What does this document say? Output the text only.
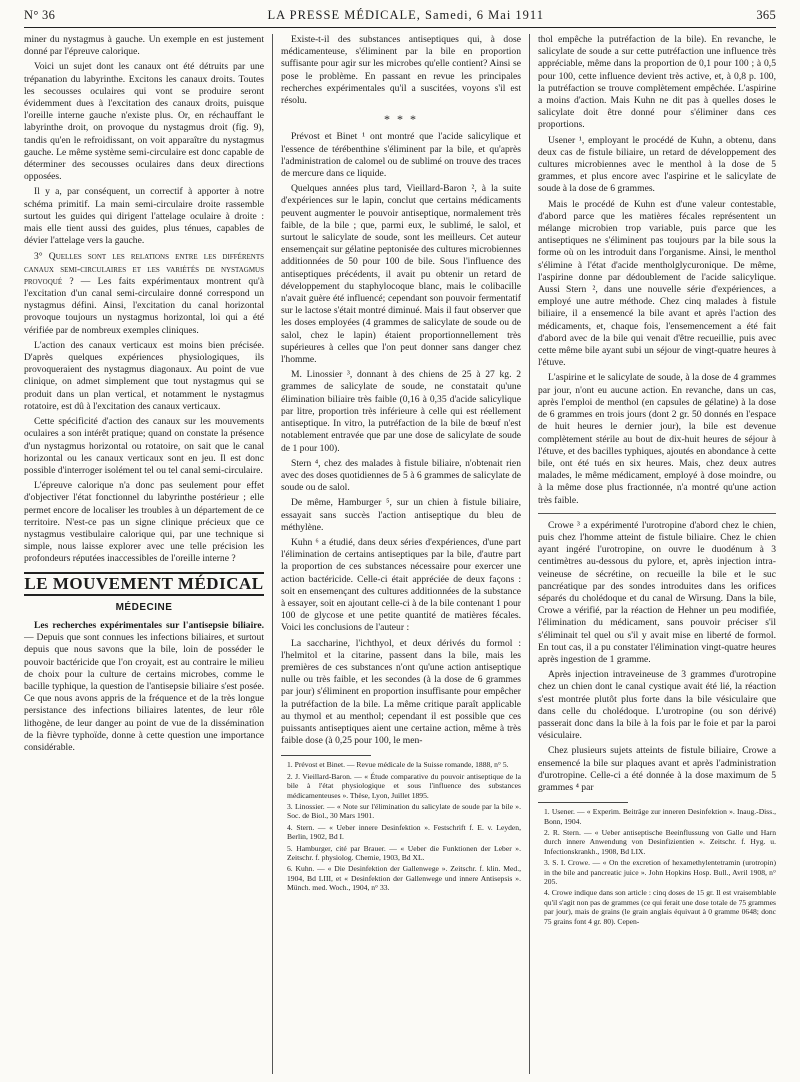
N° 36	LA PRESSE MÉDICALE, Samedi, 6 Mai 1911	365

miner du nystagmus à gauche. Un exemple en est justement donné par l'épreuve calorique.

Voici un sujet dont les canaux ont été détruits par une trépanation du labyrinthe. Excitons les canaux droits. Toutes les secousses oculaires qui vont se produire seront évidemment dues à l'excitation des canaux droits, puisque l'oreille interne gauche n'existe plus. Or, en réchauffant le labyrinthe droit, on provoque du nystagmus droit (fig. 9), tandis qu'en le refroidissant, on voit apparaître du nystagmus gauche. Le même système semi-circulaire est donc capable de déterminer des secousses oculaires dans deux directions opposées.

Il y a, par conséquent, un correctif à apporter à notre schéma primitif. La main semi-circulaire droite rassemble surtout les guides qui dirigent l'attelage oculaire à droite : mais elle tient aussi des guides, plus ténues, capables de dévier l'attelage vers la gauche.

3° Quelles sont les relations entre les différents canaux semi-circulaires et les variétés de nystagmus provoqué ? — Les faits expérimentaux montrent qu'à l'excitation d'un canal semi-circulaire donné correspond un nystagmus défini. Ainsi, l'excitation du canal horizontal provoque toujours un nystagmus horizontal, loi qui a été vérifiée par de nombreux exemples cliniques.

L'action des canaux verticaux est moins bien précisée. D'après quelques expériences physiologiques, ils provoqueraient des nystagmus diagonaux. Au point de vue clinique, on admet simplement que tout nystagmus qui se produit dans un plan vertical, et notamment le nystagmus rotatoire, est dû à l'excitation des canaux verticaux.

Cette spécificité d'action des canaux sur les mouvements oculaires a son intérêt pratique; quand on constate la présence d'un nystagmus horizontal ou rotatoire, on sait que le canal horizontal ou les canaux verticaux sont en jeu. Il est donc possible d'interroger isolément tel ou tel canal semi-circulaire.

L'épreuve calorique n'a donc pas seulement pour effet d'objectiver l'état fonctionnel du labyrinthe postérieur ; elle permet encore de localiser les troubles à un département de ce territoire. N'est-ce pas un signe clinique précieux que ce nystagmus vestibulaire calorique qui, par une technique si simple, nous laisse explorer avec une telle précision les profondeurs réputées inaccessibles de l'oreille interne ?

LE MOUVEMENT MÉDICAL
MÉDECINE

Les recherches expérimentales sur l'antisepsie biliaire. — Depuis que sont connues les infections biliaires, et surtout depuis que nous savons que la bile, loin de posséder le pouvoir bactéricide que l'on croyait, est au contraire le milieu de choix pour la culture de certains microbes, comme le bacille typhique, la question de l'antisepsie biliaire s'est posée. Ce que nous avons appris de la fréquence et de la très longue persistance des infections biliaires latentes, de leur rôle lithogène, de leur danger au point de vue de la dissémination de la fièvre typhoïde, donne à cette question une importance considérable.

Existe-t-il des substances antiseptiques qui, à dose médicamenteuse, s'éliminent par la bile en proportion suffisante pour agir sur les microbes qu'elle contient? Ainsi se pose le problème. En passant en revue les principales recherches expérimentales qu'il a suscitées, voyons s'il est résolu.

* * *

Prévost et Binet ¹ ont montré que l'acide salicylique et l'essence de térébenthine s'éliminent par la bile, et qu'après l'administration de calomel ou de sublimé on trouve des traces de mercure dans ce liquide.

Quelques années plus tard, Vieillard-Baron ², à la suite d'expériences sur le lapin, conclut que certains médicaments peuvent augmenter le pouvoir antiseptique, normalement très faible, de la bile ; que, parmi eux, le sublimé, le salol, et surtout le salicylate de soude, sont les meilleurs. Cet auteur ensemençait sur gélatine peptonisée des cultures microbiennes additionnées de 50 pour 100 de bile. Sous l'influence des antiseptiques précédents, il avait pu obtenir un retard de développement du staphylocoque blanc, mais le colibacille n'avait guère été influencé; cependant son pouvoir fermentatif sur le lactose s'était montré diminué. Mais il faut observer que les doses employées (4 grammes de salicylate de soude ou de salol, chez le lapin) étaient proportionnellement très supérieures à celles que l'on peut donner sans danger chez l'homme.

M. Linossier ³, donnant à des chiens de 25 à 27 kg. 2 grammes de salicylate de soude, ne constatait qu'une élimination biliaire très faible (0,16 à 0,35 d'acide salicylique par litre, proportion très inférieure à celle qui est réellement antiseptique. In vitro, la putréfaction de la bile de bœuf n'est notablement entravée que par une dose de salicylate de soude de 1 pour 100).

Stern ⁴, chez des malades à fistule biliaire, n'obtenait rien avec des doses quotidiennes de 5 à 6 grammes de salicylate de soude ou de salol.

De même, Hamburger ⁵, sur un chien à fistule biliaire, essayait sans succès l'action antiseptique du bleu de méthylène.

Kuhn ⁶ a étudié, dans deux séries d'expériences, d'une part l'élimination de certains antiseptiques par la bile, d'autre part la proportion de ces substances nécessaire pour exercer une action bactéricide. Celle-ci était appréciée de deux façons : soit en ensemençant des cultures additionnées de la substance à essayer, soit en ajoutant celle-ci à de la bile contenant 1 pour 100 de glycose et une petite quantité de matières fécales. Voici les conclusions de l'auteur :

La saccharine, l'ichthyol, et deux dérivés du formol : l'helmitol et la citarine, passent dans la bile, mais les premières de ces substances n'ont qu'une action antiseptique nulle ou très faible, et les secondes (à la dose de 6 grammes par jour) s'éliminent en proportion insuffisante pour empêcher la putréfaction de la bile. La même critique paraît applicable au thymol et au menthol; cependant il est possible que ces puissants antiseptiques aient une certaine action, même à très faible dose (à 0,25 pour 100, le men-

1. Prévost et Binet. — Revue médicale de la Suisse romande, 1888, n° 5.

2. J. Vieillard-Baron. — « Étude comparative du pouvoir antiseptique de la bile à l'état physiologique et sous l'influence des substances médicamenteuses ». Thèse, Lyon, Juillet 1895.

3. Linossier. — « Note sur l'élimination du salicylate de soude par la bile ». Soc. de Biol., 30 Mars 1901.

4. Stern. — « Ueber innere Desinfektion ». Festschrift f. E. v. Leyden, Berlin, 1902, Bd I.

5. Hamburger, cité par Brauer. — « Ueber die Funktionen der Leber ». Zeitschr. f. physiolog. Chemie, 1903, Bd XL.

6. Kuhn. — « Die Desinfektion der Gallenwege ». Zeitschr. f. klin. Med., 1904, Bd LIII, et « Desinfektion der Gallenwege und innere Antisepsis ». Münch. med. Woch., 1904, n° 33.

thol empêche la putréfaction de la bile). En revanche, le salicylate de soude a sur cette putréfaction une influence très appréciable, même dans la proportion de 0,1 pour 100 ; à 0,5 pour 100, cette influence devient très active, et, à 0,8 p. 100, la putréfaction se trouve complètement empêchée. L'aspirine a moins d'action. Mais Kuhn ne dit pas à quelles doses le salicylate doit être donné pour s'éliminer dans ces proportions.

Usener ¹, employant le procédé de Kuhn, a obtenu, dans deux cas de fistule biliaire, un retard de développement des cultures microbiennes avec le menthol à la dose de 5 grammes, et plus encore avec l'aspirine et le salicylate de soude à la dose de 6 grammes.

Mais le procédé de Kuhn est d'une valeur contestable, d'abord parce que les matières fécales représentent un mélange microbien trop variable, puis parce que les antiseptiques ne s'éliminent pas toujours par la bile sous la forme où on les introduit dans l'organisme. Ainsi, le menthol s'élimine à l'état d'acide mentholglycuronique. De même, l'aspirine donne par dédoublement de l'acide salicylique. Aussi Stern ², dans une nouvelle série d'expériences, a employé une autre méthode. Chez cinq malades à fistule biliaire, il a ensemencé la bile avant et après l'action des médicaments, et, chaque fois, l'ensemencement a été fait d'abord avec de la bile qui venait d'être recueillie, puis avec cette même bile ayant subi un séjour de vingt-quatre heures à l'étuve.

L'aspirine et le salicylate de soude, à la dose de 4 grammes par jour, n'ont eu aucune action. En revanche, dans un cas, après l'emploi de menthol (en capsules de gélatine) à la dose de 6 grammes en trois jours (dont 2 gr. 50 donnés en l'espace de huit heures le dernier jour), la bile est devenue complètement stérile au bout de dix-huit heures de séjour à l'étuve, et des bacilles typhiques, ajoutés en abondance à cette bile, ont été tués en six heures. Mais, chez deux autres malades, le même médicament, employé à dose moindre, ou à la même dose plus fractionnée, n'a montré qu'une action très faible.

Crowe ³ a expérimenté l'urotropine d'abord chez le chien, puis chez l'homme atteint de fistule biliaire. Chez le chien ayant ingéré l'urotropine, on ouvre le duodénum à 3 centimètres au-dessous du pylore, et, après injection intra-veineuse de sécrétine, on recueille la bile et le suc pancréatique par des sondes introduites dans les orifices séparés du cholédoque et du canal de Wirsung. Dans la bile, Crowe a vérifié, par la réaction de Hehner un peu modifiée, l'élimination du médicament, sans pouvoir préciser s'il s'éliminait tel quel ou s'il y avait mise en liberté de formol. En tout cas, il a pu constater l'élimination vingt-quatre heures après ingestion de 1 gramme.

Après injection intraveineuse de 3 grammes d'urotropine chez un chien dont le canal cystique avait été lié, la réaction s'est montrée plutôt plus forte dans la bile vésiculaire que dans celle du cholédoque. L'urotropine (ou son dérivé) passerait donc dans la bile à la fois par le foie et par la paroi vésiculaire.

Chez plusieurs sujets atteints de fistule biliaire, Crowe a ensemencé la bile sur plaques avant et après l'administration d'urotropine. Celle-ci a été donnée à la dose maximum de 5 grammes ⁴ par

1. Usener. — « Experim. Beiträge zur inneren Desinfektion ». Inaug.-Diss., Bonn, 1904.

2. R. Stern. — « Ueber antiseptische Beeinflussung von Galle und Harn durch innere Anwendung von Desinfizientien ». Zeitschr. f. Hyg. u. Infectionskrankh., 1908, Bd LIX.

3. S. I. Crowe. — « On the excretion of hexamethylentetramin (urotropin) in the bile and pancreatic juice ». John Hopkins Hosp. Bull., Avril 1908, n° 205.

4. Crowe indique dans son article : cinq doses de 15 gr. Il est vraisemblable qu'il s'agit non pas de grammes (ce qui ferait une dose totale de 75 grammes par jour), mais de grains (le grain anglais équivaut à 0 gramme 0648; donc 75 grains font 4 gr. 80). Cepen-
